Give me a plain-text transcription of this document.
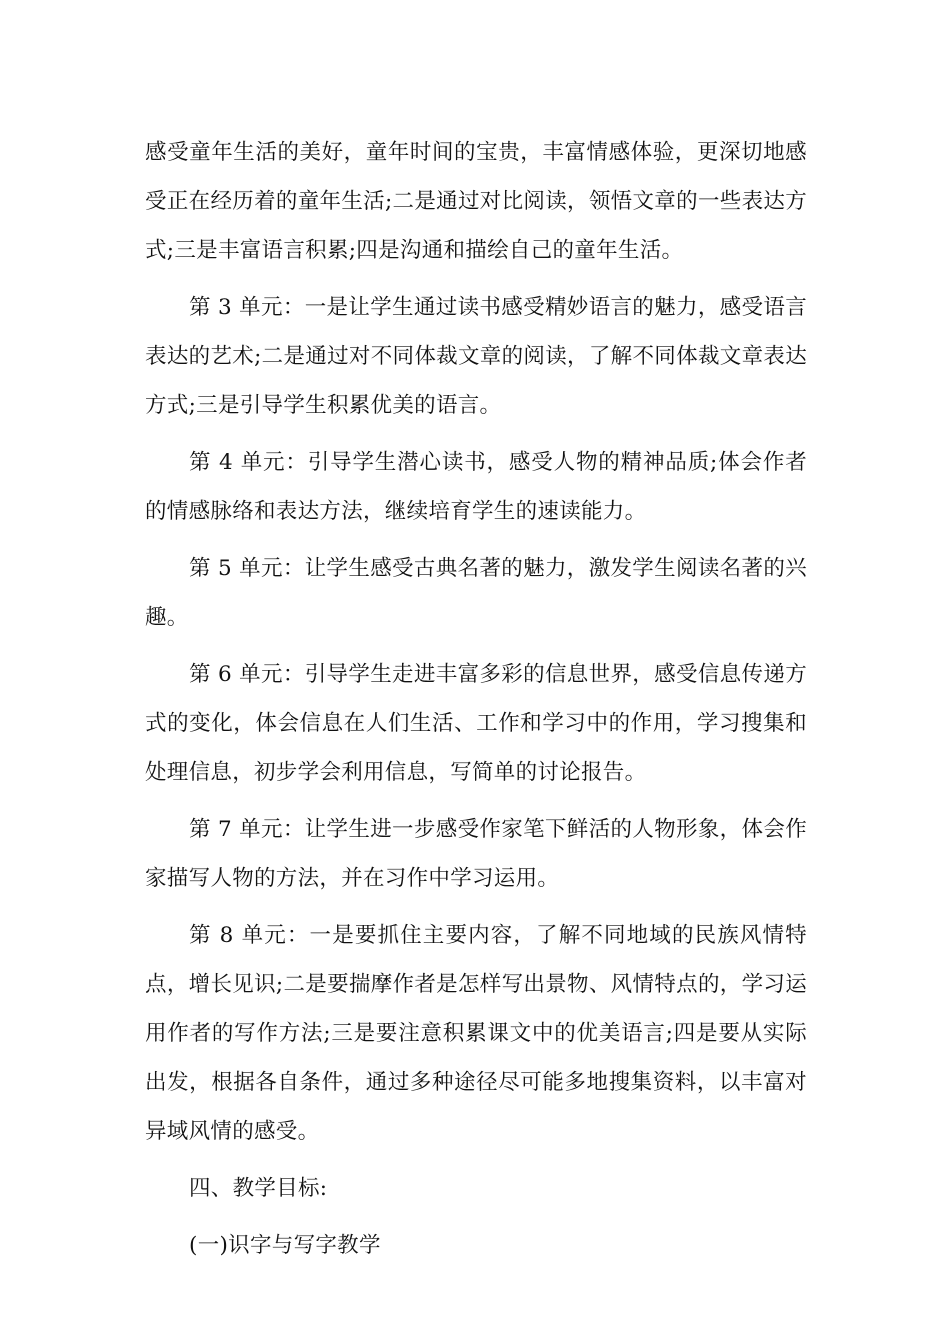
感受童年生活的美好，童年时间的宝贵，丰富情感体验，更深切地感受正在经历着的童年生活;二是通过对比阅读，领悟文章的一些表达方式;三是丰富语言积累;四是沟通和描绘自己的童年生活。

第 3 单元：一是让学生通过读书感受精妙语言的魅力，感受语言表达的艺术;二是通过对不同体裁文章的阅读，了解不同体裁文章表达方式;三是引导学生积累优美的语言。

第 4 单元：引导学生潜心读书，感受人物的精神品质;体会作者的情感脉络和表达方法，继续培育学生的速读能力。

第 5 单元：让学生感受古典名著的魅力，激发学生阅读名著的兴趣。

第 6 单元：引导学生走进丰富多彩的信息世界，感受信息传递方式的变化，体会信息在人们生活、工作和学习中的作用，学习搜集和处理信息，初步学会利用信息，写简单的讨论报告。

第 7 单元：让学生进一步感受作家笔下鲜活的人物形象，体会作家描写人物的方法，并在习作中学习运用。

第 8 单元：一是要抓住主要内容，了解不同地域的民族风情特点，增长见识;二是要揣摩作者是怎样写出景物、风情特点的，学习运用作者的写作方法;三是要注意积累课文中的优美语言;四是要从实际出发，根据各自条件，通过多种途径尽可能多地搜集资料，以丰富对异域风情的感受。

四、教学目标:

(一)识字与写字教学
